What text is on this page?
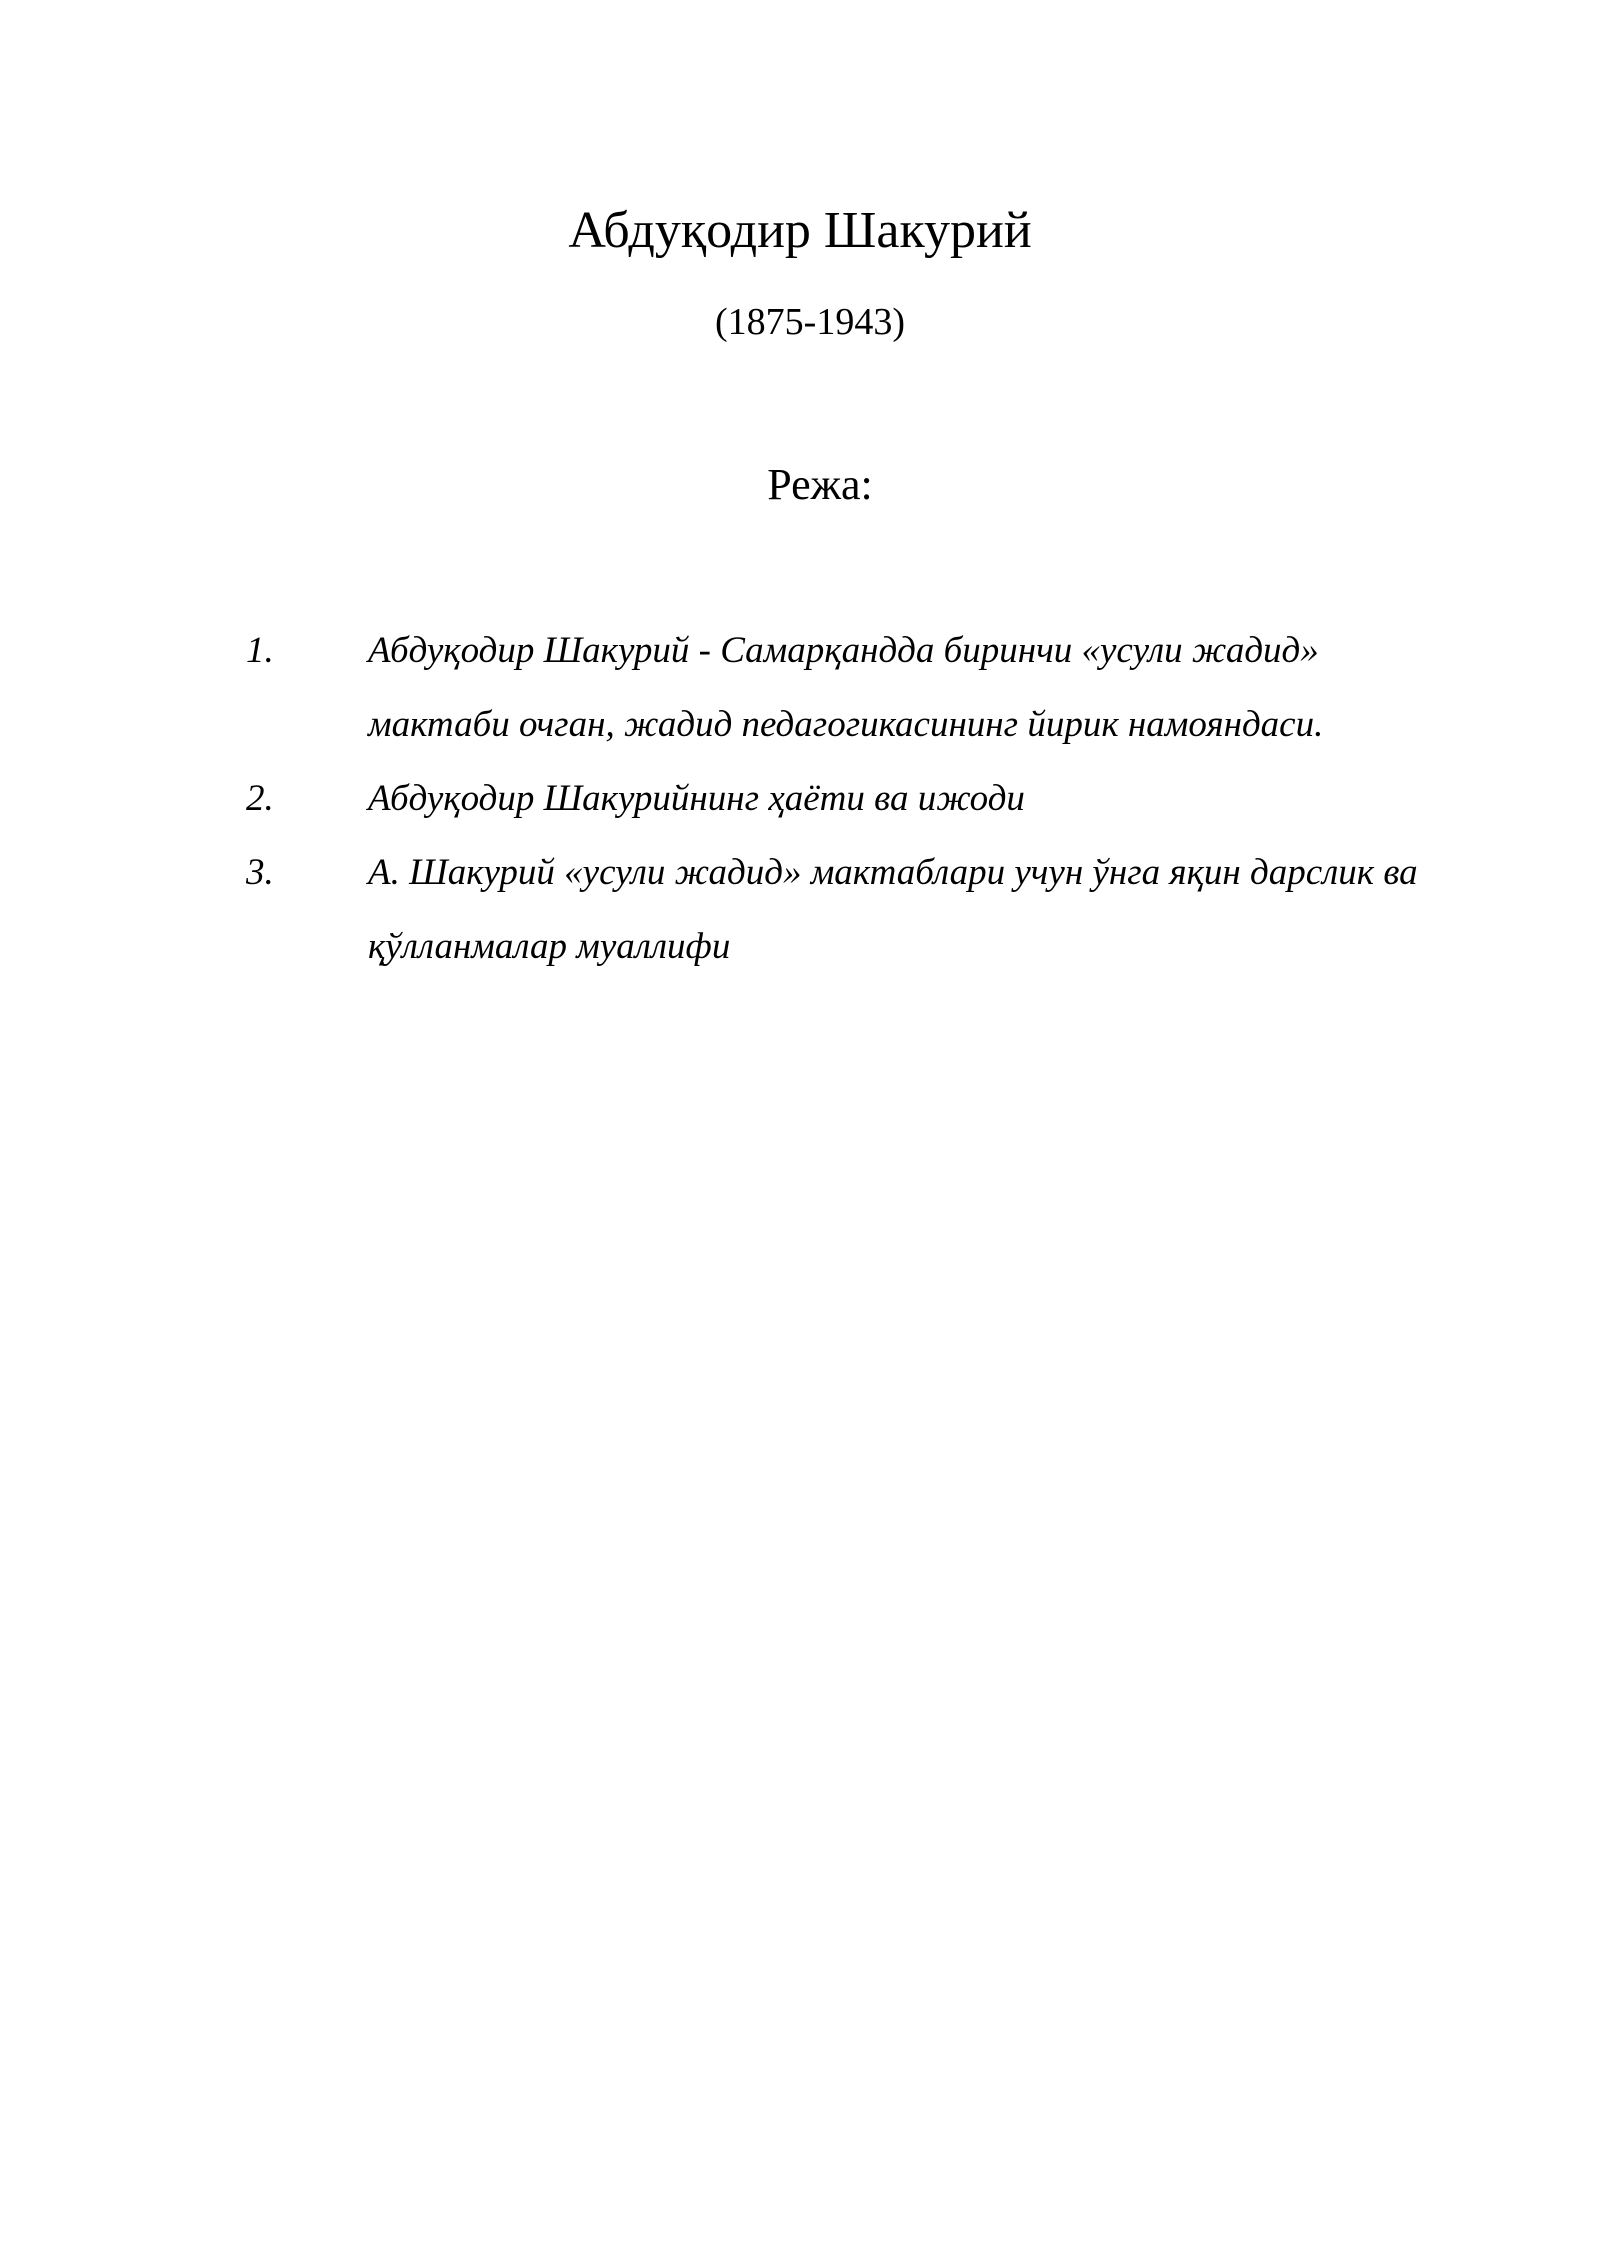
Абдуқодир Шакурий
(1875-1943)
Режа:
1.	Абдуқодир Шакурий - Самарқандда биринчи «усули жадид» мактаби очган, жадид педагогикасининг йирик намояндаси.
2.	Абдуқодир Шакурийнинг ҳаёти ва ижоди
3.	А. Шакурий «усули жадид» мактаблари учун ўнга яқин дарслик ва қўлланмалар муаллифи
